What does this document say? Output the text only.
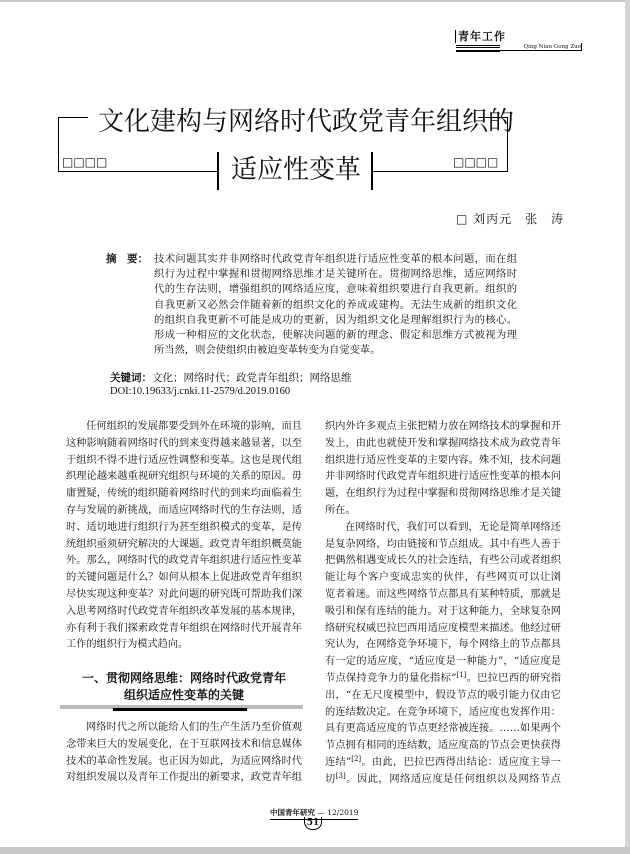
青年工作
Qing Nian Gong Zuo
□□□□	□□□□
文化建构与网络时代政党青年组织的
适应性变革
□ 刘丙元　张　涛
摘　要： 技术问题其实并非网络时代政党青年组织进行适应性变革的根本问题，而在组
织行为过程中掌握和贯彻网络思维才是关键所在。贯彻网络思维，适应网络时
代的生存法则，增强组织的网络适应度，意味着组织要进行自我更新。组织的
自我更新又必然会伴随着新的组织文化的养成或建构。无法生成新的组织文化
的组织自我更新不可能是成功的更新，因为组织文化是理解组织行为的核心。
形成一种相应的文化状态，使解决问题的新的理念、假定和思维方式被视为理
所当然，则会使组织由被迫变革转变为自觉变革。
关键词：文化；网络时代；政党青年组织；网络思维
DOI:10.19633/j.cnki.11-2579/d.2019.0160
任何组织的发展都要受到外在环境的影响，而且
这种影响随着网络时代的到来变得越来越显著，以至
于组织不得不进行适应性调整和变革。这也是现代组
织理论越来越重视研究组织与环境的关系的原因。毋
庸置疑，传统的组织随着网络时代的到来均面临着生
存与发展的新挑战，而适应网络时代的生存法则，适
时、适切地进行组织行为甚至组织模式的变革，是传
统组织亟须研究解决的大课题。政党青年组织概莫能
外。那么，网络时代的政党青年组织进行适应性变革
的关键问题是什么？如何从根本上促进政党青年组织
尽快实现这种变革？对此问题的研究既可帮助我们深
入思考网络时代政党青年组织改革发展的基本规律，
亦有利于我们探索政党青年组织在网络时代开展青年
工作的组织行为模式趋向。
网络时代之所以能给人们的生产生活乃至价值观
念带来巨大的发展变化，在于互联网技术和信息媒体
技术的革命性发展。也正因为如此，为适应网络时代
对组织发展以及青年工作提出的新要求，政党青年组
织内外许多观点主张把精力放在网络技术的掌握和开
发上，由此也就使开发和掌握网络技术成为政党青年
组织进行适应性变革的主要内容。殊不知，技术问题
并非网络时代政党青年组织进行适应性变革的根本问
题，在组织行为过程中掌握和贯彻网络思维才是关键
所在。
在网络时代，我们可以看到，无论是简单网络还
是复杂网络，均由链接和节点组成。其中有些人善于
把偶然相遇变成长久的社会连结，有些公司或者组织
能让每个客户变成忠实的伙伴，有些网页可以让浏
览者着迷。而这些网络节点都具有某种特质，那就是
吸引和保有连结的能力。对于这种能力，全球复杂网
络研究权威巴拉巴西用适应度模型来描述。他经过研
究认为，在网络竞争环境下，每个网络上的节点都具
有一定的适应度，“适应度是一种能力”，“适应度是
节点保持竞争力的量化指标”[1]。巴拉巴西的研究指
出，“在无尺度模型中，假设节点的吸引能力仅由它
的连结数决定。在竞争环境下，适应度也发挥作用：
具有更高适应度的节点更经常被连接。……如果两个
节点拥有相同的连结数，适应度高的节点会更快获得
连结”[2]。由此，巴拉巴西得出结论：适应度主导一
切[3]。因此，网络适应度是任何组织以及网络节点
一、贯彻网络思维：网络时代政党青年
组织适应性变革的关键
中国青年研究 — 12/2019
51
